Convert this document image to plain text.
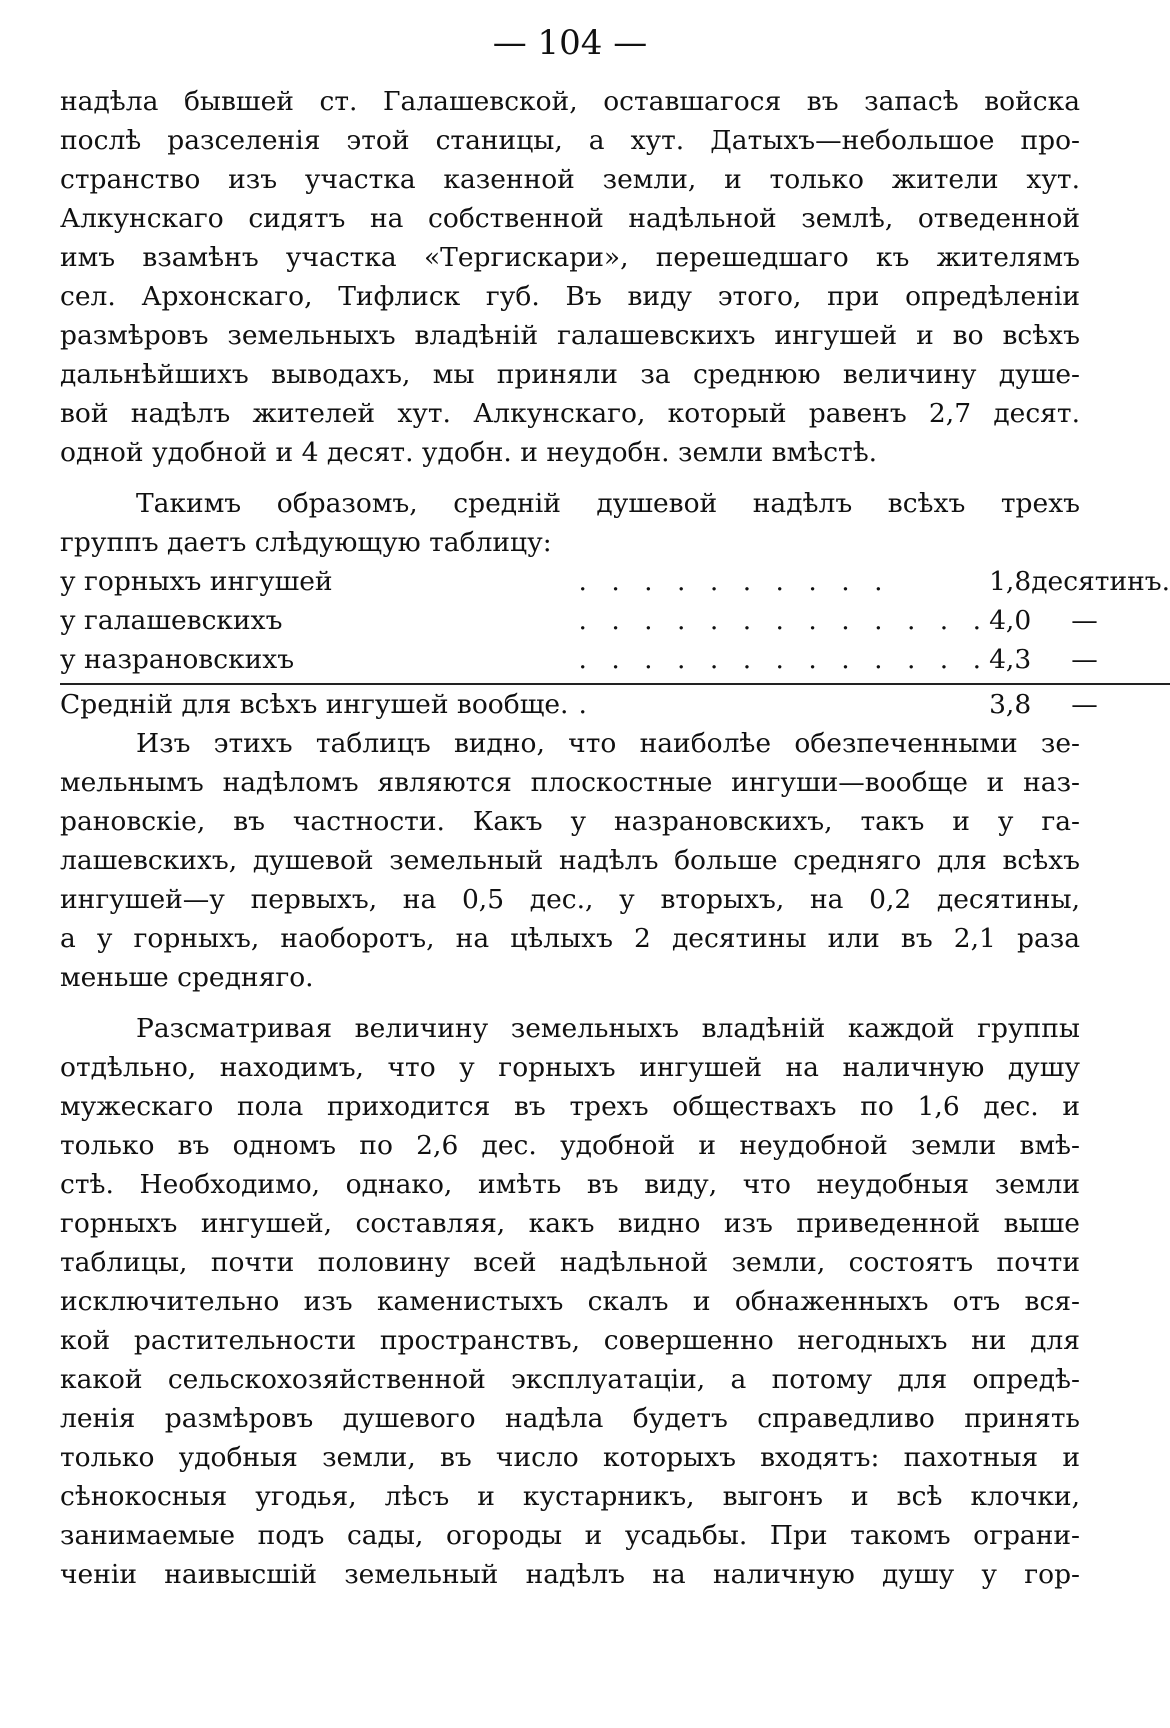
— 104 —

надѣла бывшей ст. Галашевской, оставшагося въ запасѣ войска
послѣ разселенія этой станицы, а хут. Датыхъ—небольшое про-
странство изъ участка казенной земли, и только жители хут.
Алкунскаго сидятъ на собственной надѣльной землѣ, отведенной
имъ взамѣнъ участка «Тергискари», перешедшаго къ жителямъ
сел. Архонскаго, Тифлиск губ. Въ виду этого, при опредѣленіи
размѣровъ земельныхъ владѣній галашевскихъ ингушей и во всѣхъ
дальнѣйшихъ выводахъ, мы приняли за среднюю величину душе-
вой надѣлъ жителей хут. Алкунскаго, который равенъ 2,7 десят.
одной удобной и 4 десят. удобн. и неудобн. земли вмѣстѣ.

Такимъ образомъ, среднiй душевой надѣлъ всѣхъ трехъ
группъ даетъ слѣдующую таблицу:

у горныхъ ингушей	. . . . . . . . . .	1,8	десятинъ.
у галашевскихъ	. . . . . . . . . . . . .	4,0	—
у назрановскихъ	. . . . . . . . . . . . .	4,3	—

Среднiй для всѣхъ ингушей вообще.	.	3,8	—

Изъ этихъ таблицъ видно, что наиболѣе обезпеченными зе-
мельнымъ надѣломъ являются плоскостные ингуши—вообще и наз-
рановскіе, въ частности. Какъ у назрановскихъ, такъ и у га-
лашевскихъ, душевой земельный надѣлъ больше средняго для всѣхъ
ингушей—у первыхъ, на 0,5 дес., у вторыхъ, на 0,2 десятины,
а у горныхъ, наоборотъ, на цѣлыхъ 2 десятины или въ 2,1 раза
меньше средняго.

Разсматривая величину земельныхъ владѣній каждой группы
отдѣльно, находимъ, что у горныхъ ингушей на наличную душу
мужескаго пола приходится въ трехъ обществахъ по 1,6 дес. и
только въ одномъ по 2,6 дес. удобной и неудобной земли вмѣ-
стѣ. Необходимо, однако, имѣть въ виду, что неудобныя земли
горныхъ ингушей, составляя, какъ видно изъ приведенной выше
таблицы, почти половину всей надѣльной земли, состоятъ почти
исключительно изъ каменистыхъ скалъ и обнаженныхъ отъ вся-
кой растительности пространствъ, совершенно негодныхъ ни для
какой сельскохозяйственной эксплуатаціи, а потому для опредѣ-
ленія размѣровъ душевого надѣла будетъ справедливо принять
только удобныя земли, въ число которыхъ входятъ: пахотныя и
сѣнокосныя угодья, лѣсъ и кустарникъ, выгонъ и всѣ клочки,
занимаемые подъ сады, огороды и усадьбы. При такомъ ограни-
ченіи наивысшій земельный надѣлъ на наличную душу у гор-
